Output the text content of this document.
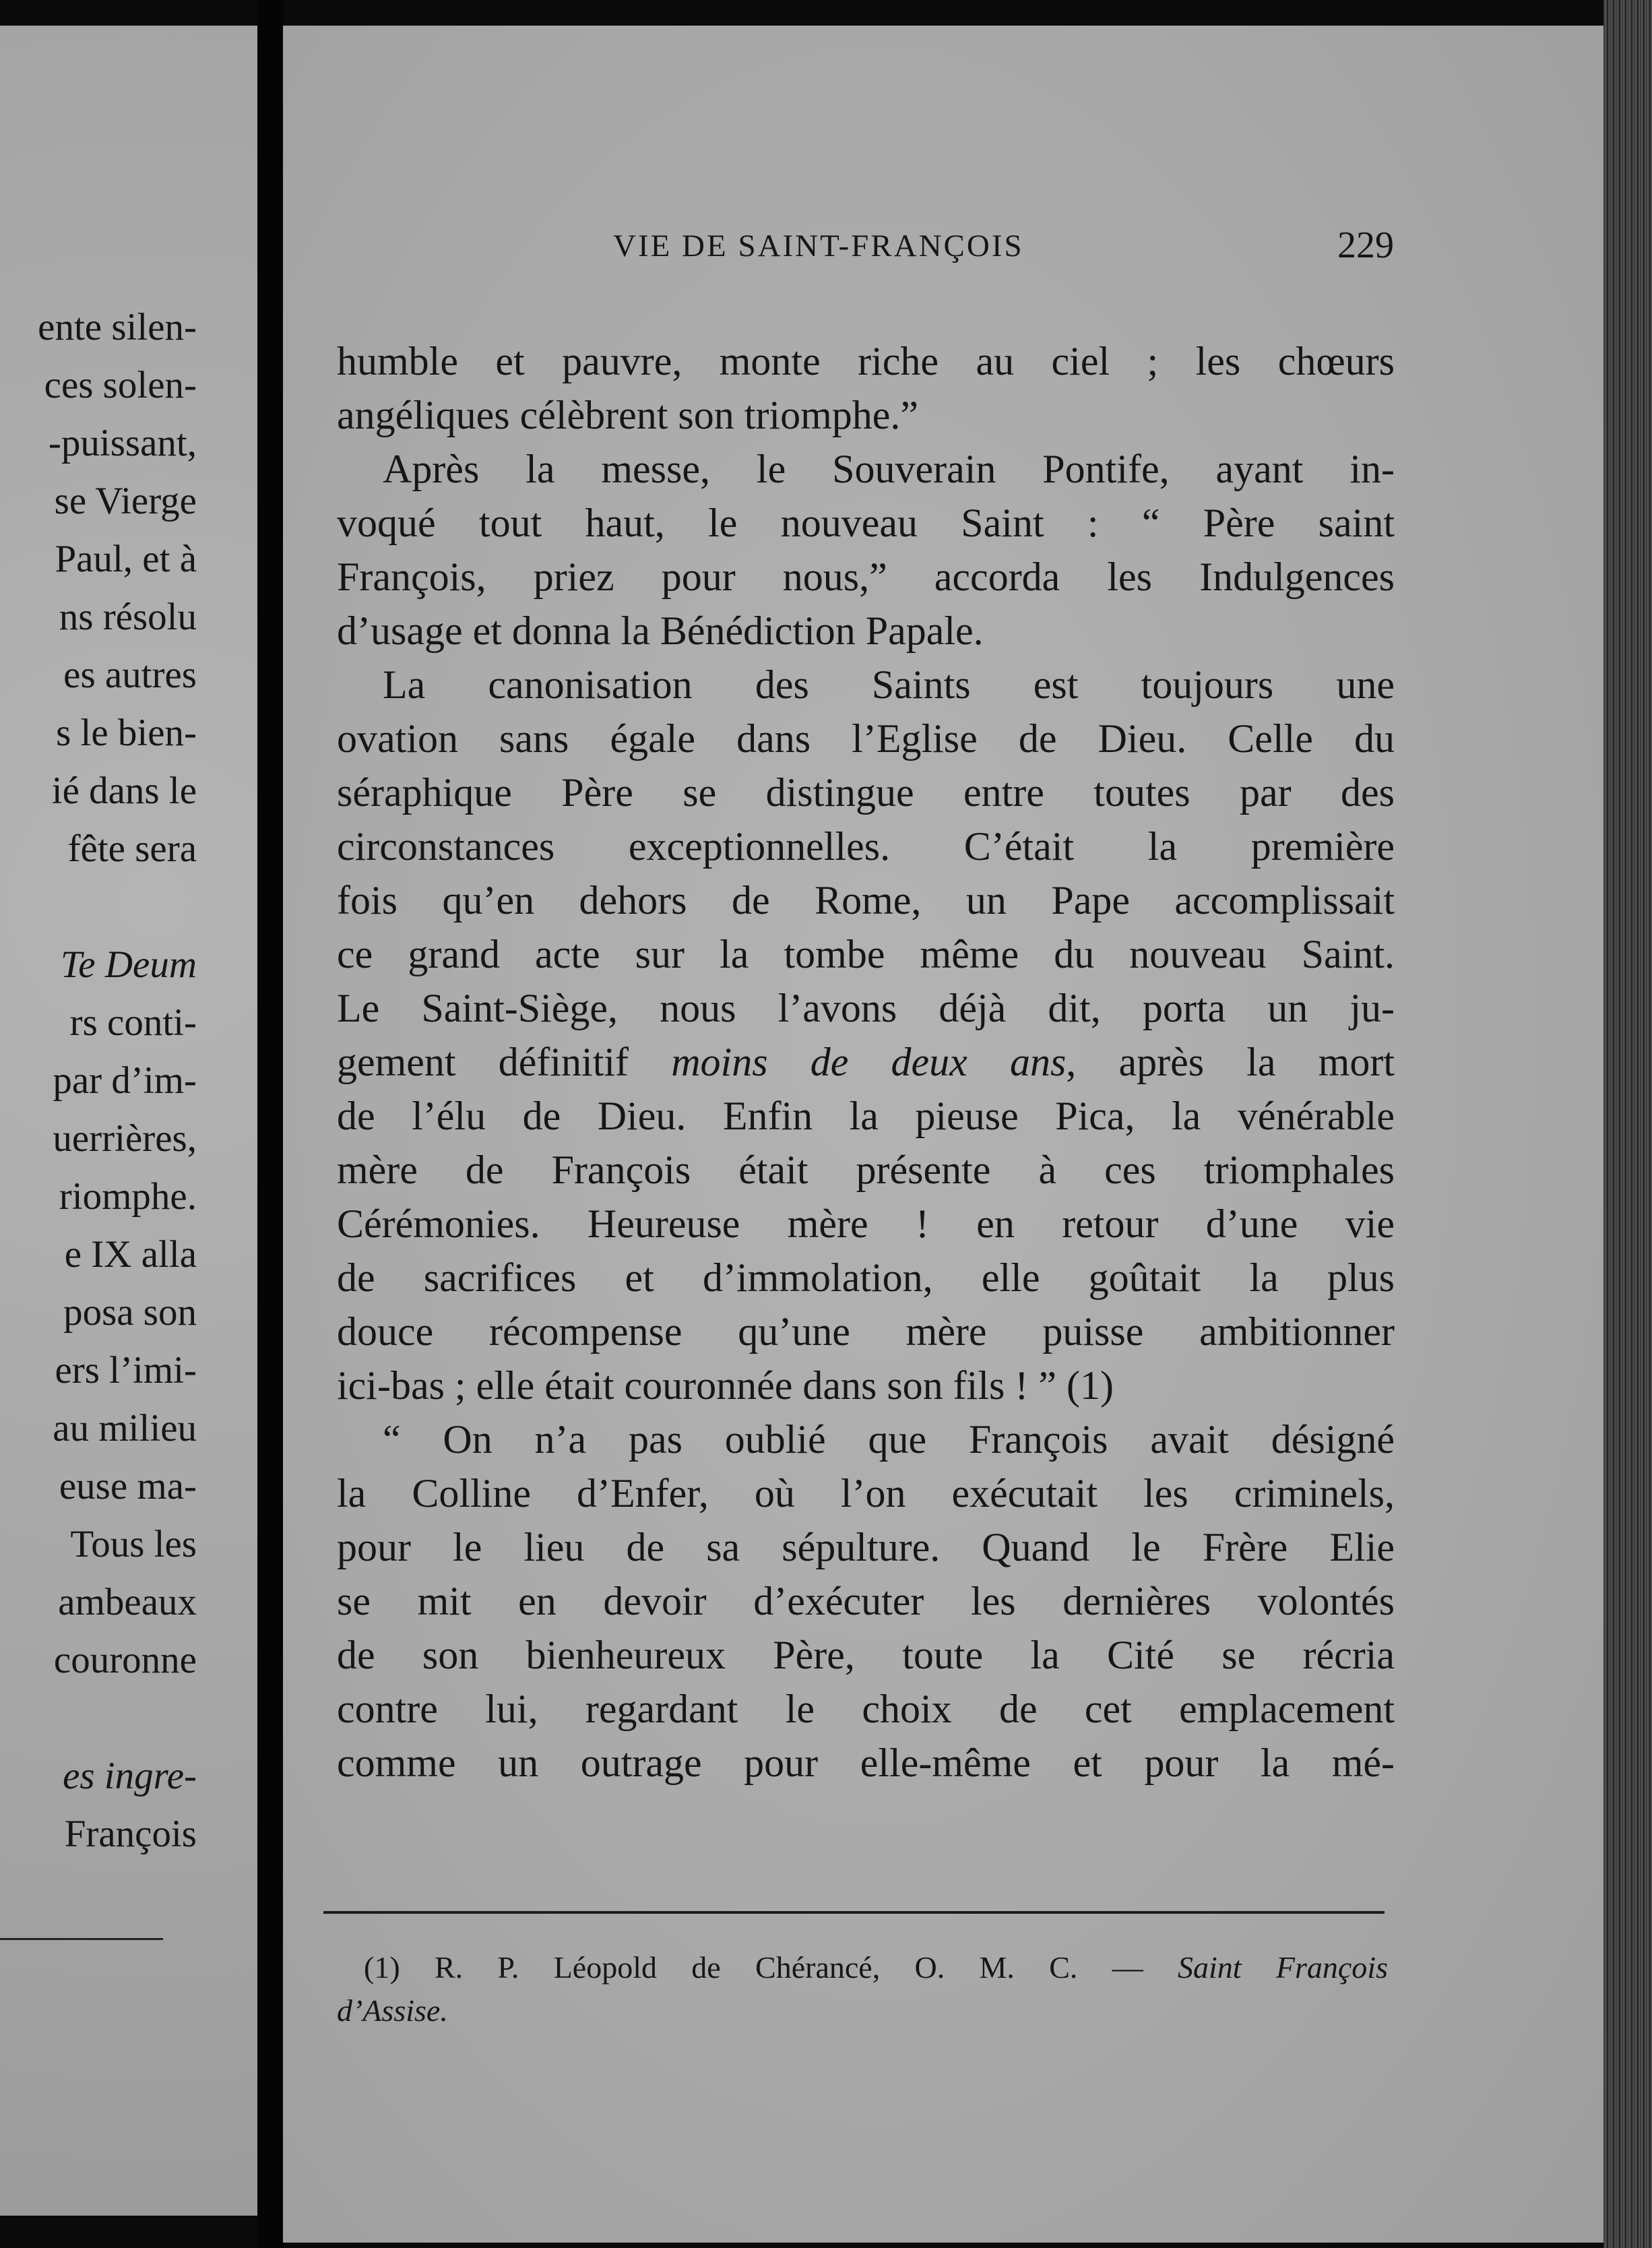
ente silen-
ces solen-
-puissant,
se Vierge
Paul, et à
ns résolu
es autres
s le bien-
ié dans le
fête sera
Te Deum
rs conti-
par d’im-
uerrières,
riomphe.
e IX alla
posa son
ers l’imi-
au milieu
euse ma-
Tous les
ambeaux
couronne
es ingre-
François
VIE DE SAINT-FRANÇOIS	229
humble et pauvre, monte riche au ciel ; les chœurs
angéliques célèbrent son triomphe.”
Après la messe, le Souverain Pontife, ayant in-
voqué tout haut, le nouveau Saint : “ Père saint
François, priez pour nous,” accorda les Indulgences
d’usage et donna la Bénédiction Papale.
La canonisation des Saints est toujours une
ovation sans égale dans l’Eglise de Dieu. Celle du
séraphique Père se distingue entre toutes par des
circonstances exceptionnelles. C’était la première
fois qu’en dehors de Rome, un Pape accomplissait
ce grand acte sur la tombe même du nouveau Saint.
Le Saint-Siège, nous l’avons déjà dit, porta un ju-
gement définitif moins de deux ans, après la mort
de l’élu de Dieu. Enfin la pieuse Pica, la vénérable
mère de François était présente à ces triomphales
Cérémonies. Heureuse mère ! en retour d’une vie
de sacrifices et d’immolation, elle goûtait la plus
douce récompense qu’une mère puisse ambitionner
ici-bas ; elle était couronnée dans son fils ! ” (1)
“ On n’a pas oublié que François avait désigné
la Colline d’Enfer, où l’on exécutait les criminels,
pour le lieu de sa sépulture. Quand le Frère Elie
se mit en devoir d’exécuter les dernières volontés
de son bienheureux Père, toute la Cité se récria
contre lui, regardant le choix de cet emplacement
comme un outrage pour elle-même et pour la mé-
(1) R. P. Léopold de Chérancé, O. M. C. — Saint François
d’Assise.
